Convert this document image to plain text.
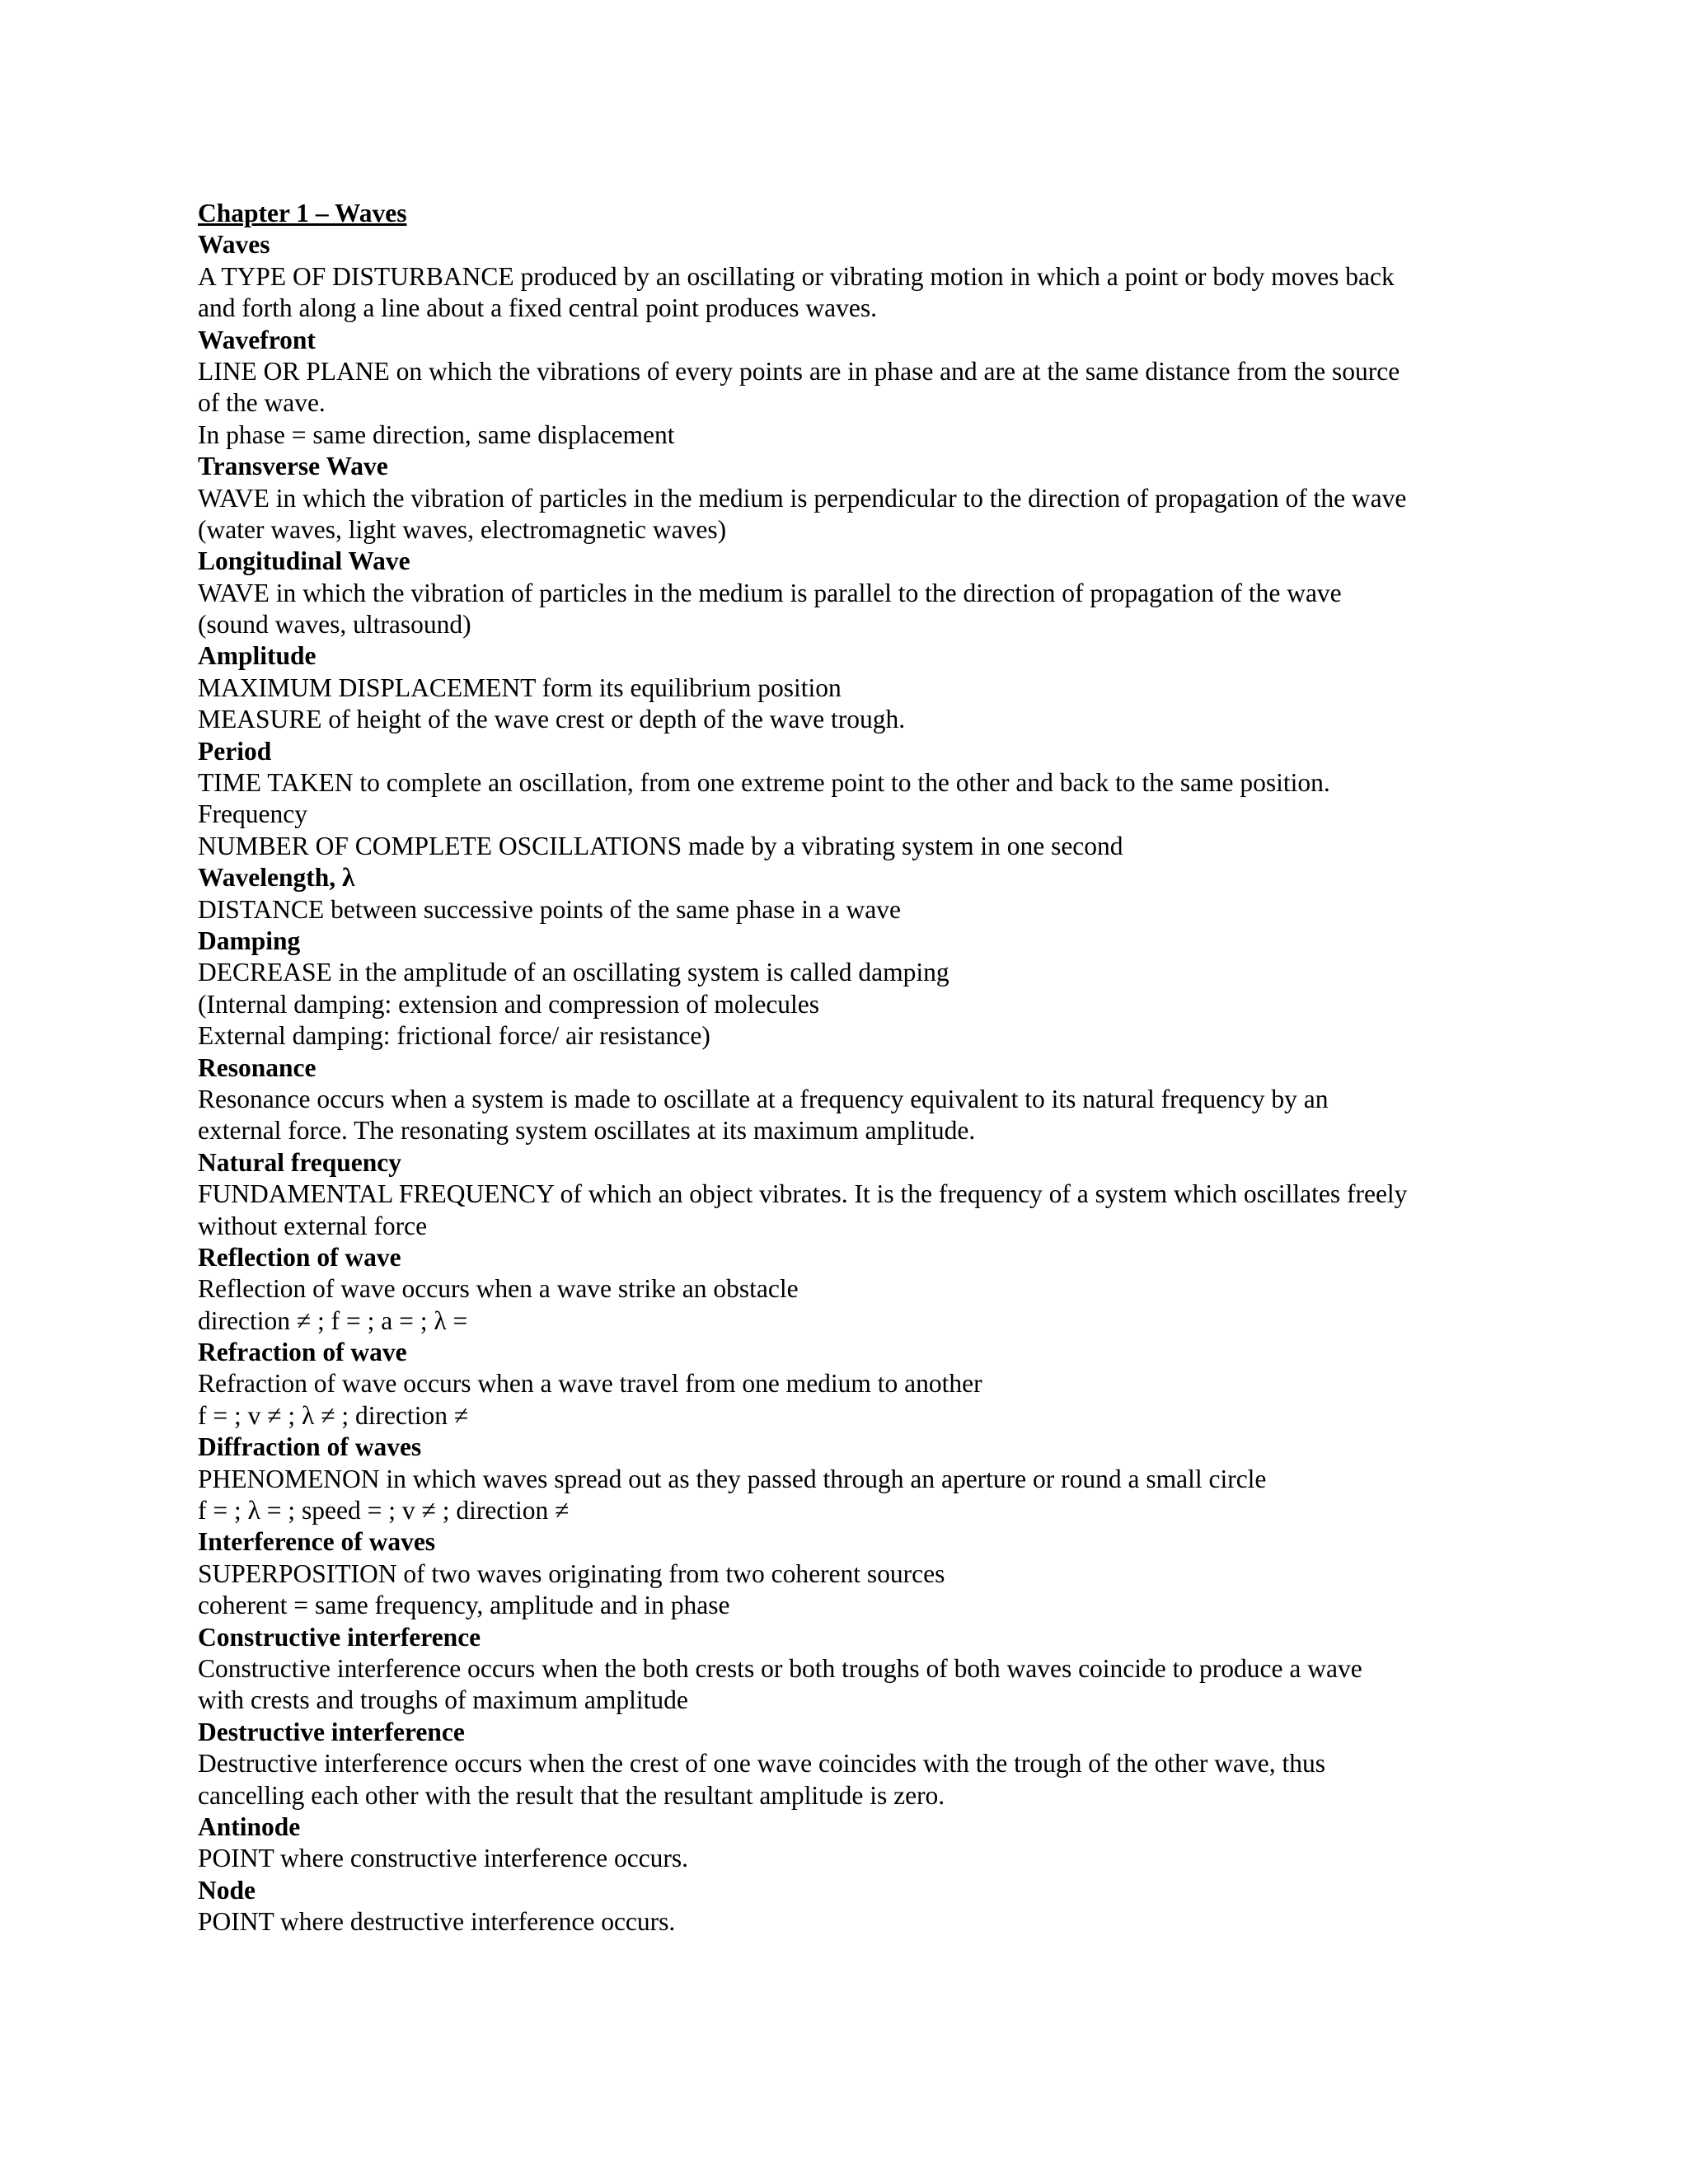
Chapter 1 – Waves
Waves
A TYPE OF DISTURBANCE produced by an oscillating or vibrating motion in which a point or body moves back
and forth along a line about a fixed central point produces waves.
Wavefront
LINE OR PLANE on which the vibrations of every points are in phase and are at the same distance from the source
of the wave.
In phase = same direction, same displacement
Transverse Wave
WAVE in which the vibration of particles in the medium is perpendicular to the direction of propagation of the wave
(water waves, light waves, electromagnetic waves)
Longitudinal Wave
WAVE in which the vibration of particles in the medium is parallel to the direction of propagation of the wave
(sound waves, ultrasound)
Amplitude
MAXIMUM DISPLACEMENT form its equilibrium position
MEASURE of height of the wave crest or depth of the wave trough.
Period
TIME TAKEN to complete an oscillation, from one extreme point to the other and back to the same position.
Frequency
NUMBER OF COMPLETE OSCILLATIONS made by a vibrating system in one second
Wavelength, λ
DISTANCE between successive points of the same phase in a wave
Damping
DECREASE in the amplitude of an oscillating system is called damping
(Internal damping: extension and compression of molecules
External damping: frictional force/ air resistance)
Resonance
Resonance occurs when a system is made to oscillate at a frequency equivalent to its natural frequency by an
external force. The resonating system oscillates at its maximum amplitude.
Natural frequency
FUNDAMENTAL FREQUENCY of which an object vibrates. It is the frequency of a system which oscillates freely
without external force
Reflection of wave
Reflection of wave occurs when a wave strike an obstacle
direction ≠ ; f = ; a = ; λ =
Refraction of wave
Refraction of wave occurs when a wave travel from one medium to another
f = ; v ≠ ; λ ≠ ; direction ≠
Diffraction of waves
PHENOMENON in which waves spread out as they passed through an aperture or round a small circle
f = ; λ = ; speed = ; v ≠ ; direction ≠
Interference of waves
SUPERPOSITION of two waves originating from two coherent sources
coherent = same frequency, amplitude and in phase
Constructive interference
Constructive interference occurs when the both crests or both troughs of both waves coincide to produce a wave
with crests and troughs of maximum amplitude
Destructive interference
Destructive interference occurs when the crest of one wave coincides with the trough of the other wave, thus
cancelling each other with the result that the resultant amplitude is zero.
Antinode
POINT where constructive interference occurs.
Node
POINT where destructive interference occurs.
